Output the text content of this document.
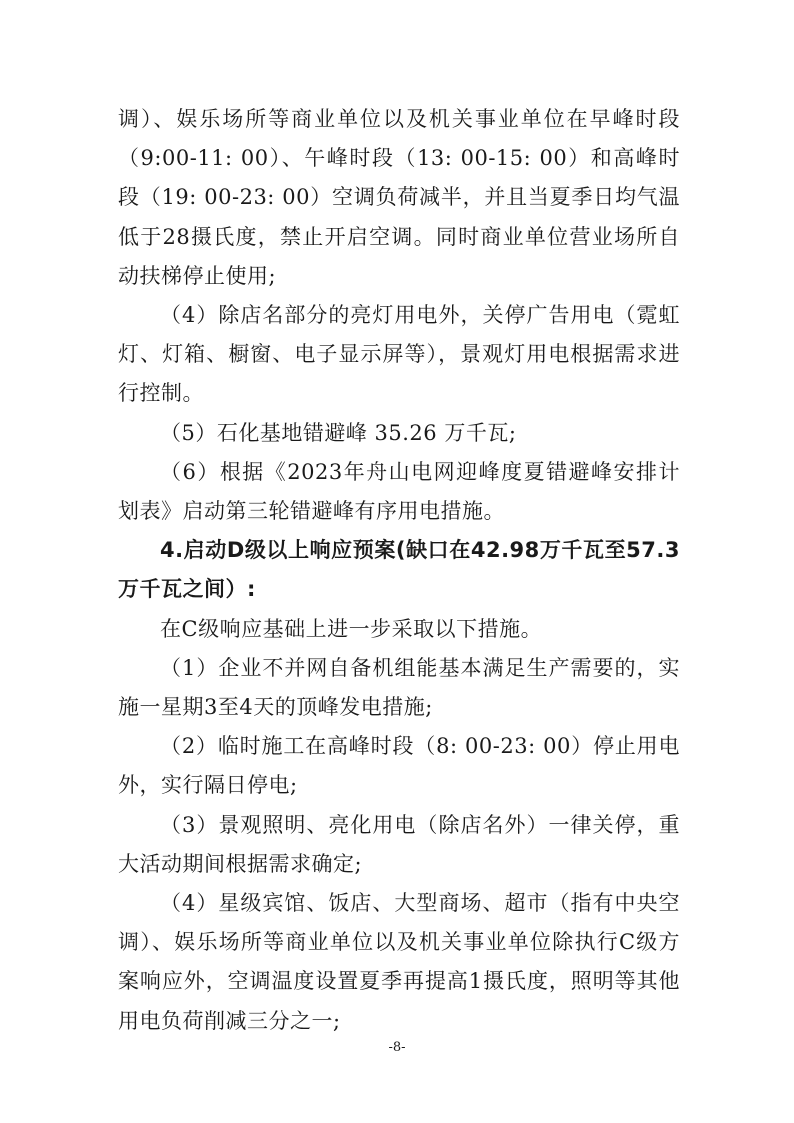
调）、娱乐场所等商业单位以及机关事业单位在早峰时段（9:00-11: 00）、午峰时段（13: 00-15: 00）和高峰时段（19: 00-23: 00）空调负荷减半，并且当夏季日均气温低于28摄氏度，禁止开启空调。同时商业单位营业场所自动扶梯停止使用;

（4）除店名部分的亮灯用电外，关停广告用电（霓虹灯、灯箱、橱窗、电子显示屏等），景观灯用电根据需求进行控制。

（5）石化基地错避峰 35.26 万千瓦;

（6）根据《2023年舟山电网迎峰度夏错避峰安排计划表》启动第三轮错避峰有序用电措施。

4.启动D级以上响应预案(缺口在42.98万千瓦至57.3万千瓦之间）:

在C级响应基础上进一步采取以下措施。

（1）企业不并网自备机组能基本满足生产需要的，实施一星期3至4天的顶峰发电措施;

（2）临时施工在高峰时段（8: 00-23: 00）停止用电外，实行隔日停电;

（3）景观照明、亮化用电（除店名外）一律关停，重大活动期间根据需求确定;

（4）星级宾馆、饭店、大型商场、超市（指有中央空调）、娱乐场所等商业单位以及机关事业单位除执行C级方案响应外，空调温度设置夏季再提高1摄氏度，照明等其他用电负荷削减三分之一;

-8-
